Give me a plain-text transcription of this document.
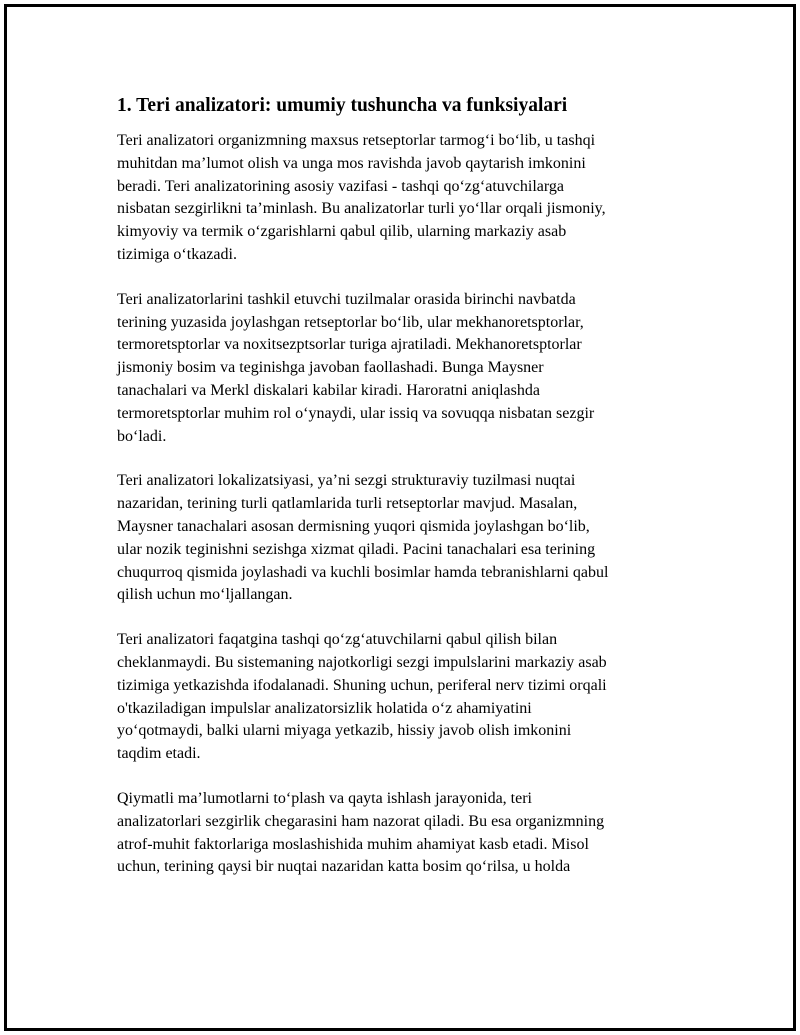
1. Teri analizatori: umumiy tushuncha va funksiyalari

Teri analizatori organizmning maxsus retseptorlar tarmog‘i bo‘lib, u tashqi
muhitdan ma’lumot olish va unga mos ravishda javob qaytarish imkonini
beradi. Teri analizatorining asosiy vazifasi - tashqi qo‘zg‘atuvchilarga
nisbatan sezgirlikni ta’minlash. Bu analizatorlar turli yo‘llar orqali jismoniy,
kimyoviy va termik o‘zgarishlarni qabul qilib, ularning markaziy asab
tizimiga o‘tkazadi.

Teri analizatorlarini tashkil etuvchi tuzilmalar orasida birinchi navbatda
terining yuzasida joylashgan retseptorlar bo‘lib, ular mekhanoretsptorlar,
termoretsptorlar va noxitsezptsorlar turiga ajratiladi. Mekhanoretsptorlar
jismoniy bosim va teginishga javoban faollashadi. Bunga Maysner
tanachalari va Merkl diskalari kabilar kiradi. Haroratni aniqlashda
termoretsptorlar muhim rol o‘ynaydi, ular issiq va sovuqqa nisbatan sezgir
bo‘ladi.

Teri analizatori lokalizatsiyasi, ya’ni sezgi strukturaviy tuzilmasi nuqtai
nazaridan, terining turli qatlamlarida turli retseptorlar mavjud. Masalan,
Maysner tanachalari asosan dermisning yuqori qismida joylashgan bo‘lib,
ular nozik teginishni sezishga xizmat qiladi. Pacini tanachalari esa terining
chuqurroq qismida joylashadi va kuchli bosimlar hamda tebranishlarni qabul
qilish uchun mo‘ljallangan.

Teri analizatori faqatgina tashqi qo‘zg‘atuvchilarni qabul qilish bilan
cheklanmaydi. Bu sistemaning najotkorligi sezgi impulslarini markaziy asab
tizimiga yetkazishda ifodalanadi. Shuning uchun, periferal nerv tizimi orqali
o'tkaziladigan impulslar analizatorsizlik holatida o‘z ahamiyatini
yo‘qotmaydi, balki ularni miyaga yetkazib, hissiy javob olish imkonini
taqdim etadi.

Qiymatli ma’lumotlarni to‘plash va qayta ishlash jarayonida, teri
analizatorlari sezgirlik chegarasini ham nazorat qiladi. Bu esa organizmning
atrof-muhit faktorlariga moslashishida muhim ahamiyat kasb etadi. Misol
uchun, terining qaysi bir nuqtai nazaridan katta bosim qo‘rilsa, u holda
